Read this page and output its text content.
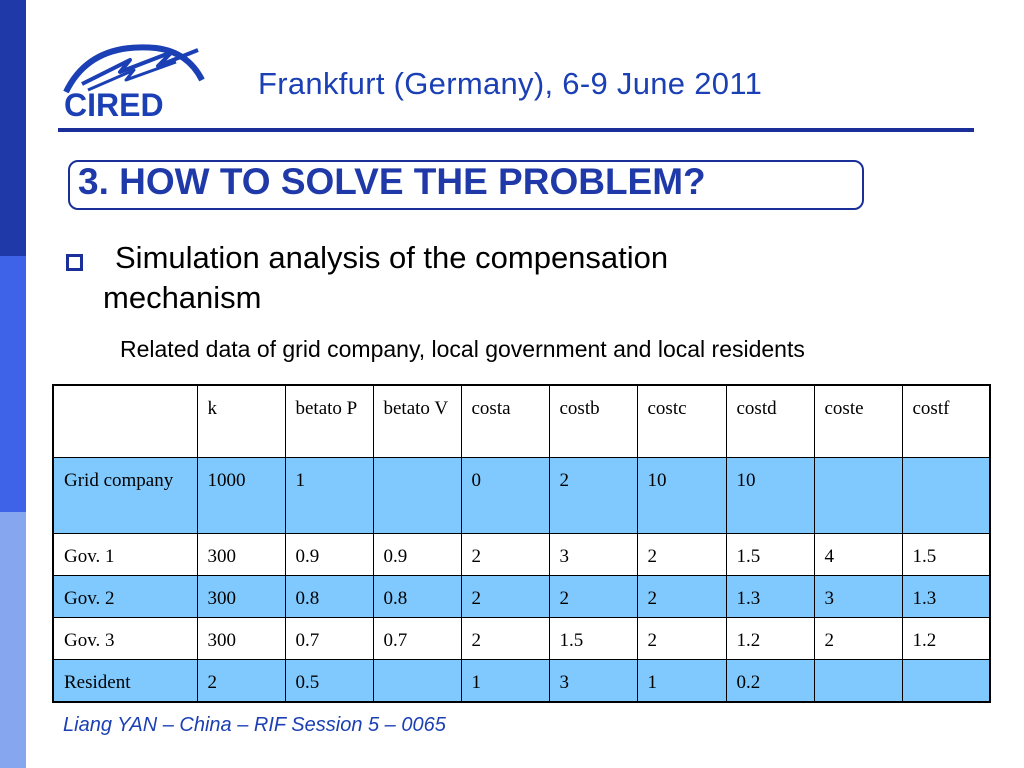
CIRED
Frankfurt (Germany), 6-9 June 2011
3. HOW TO SOLVE THE PROBLEM?
Simulation analysis of the compensation
mechanism
Related data of grid company, local government and local residents
	k	betato P	betato V	costa	costb	costc	costd	coste	costf
Grid company	1000	1		0	2	10	10		
Gov. 1	300	0.9	0.9	2	3	2	1.5	4	1.5
Gov. 2	300	0.8	0.8	2	2	2	1.3	3	1.3
Gov. 3	300	0.7	0.7	2	1.5	2	1.2	2	1.2
Resident	2	0.5		1	3	1	0.2		
Liang YAN – China – RIF Session 5 – 0065
